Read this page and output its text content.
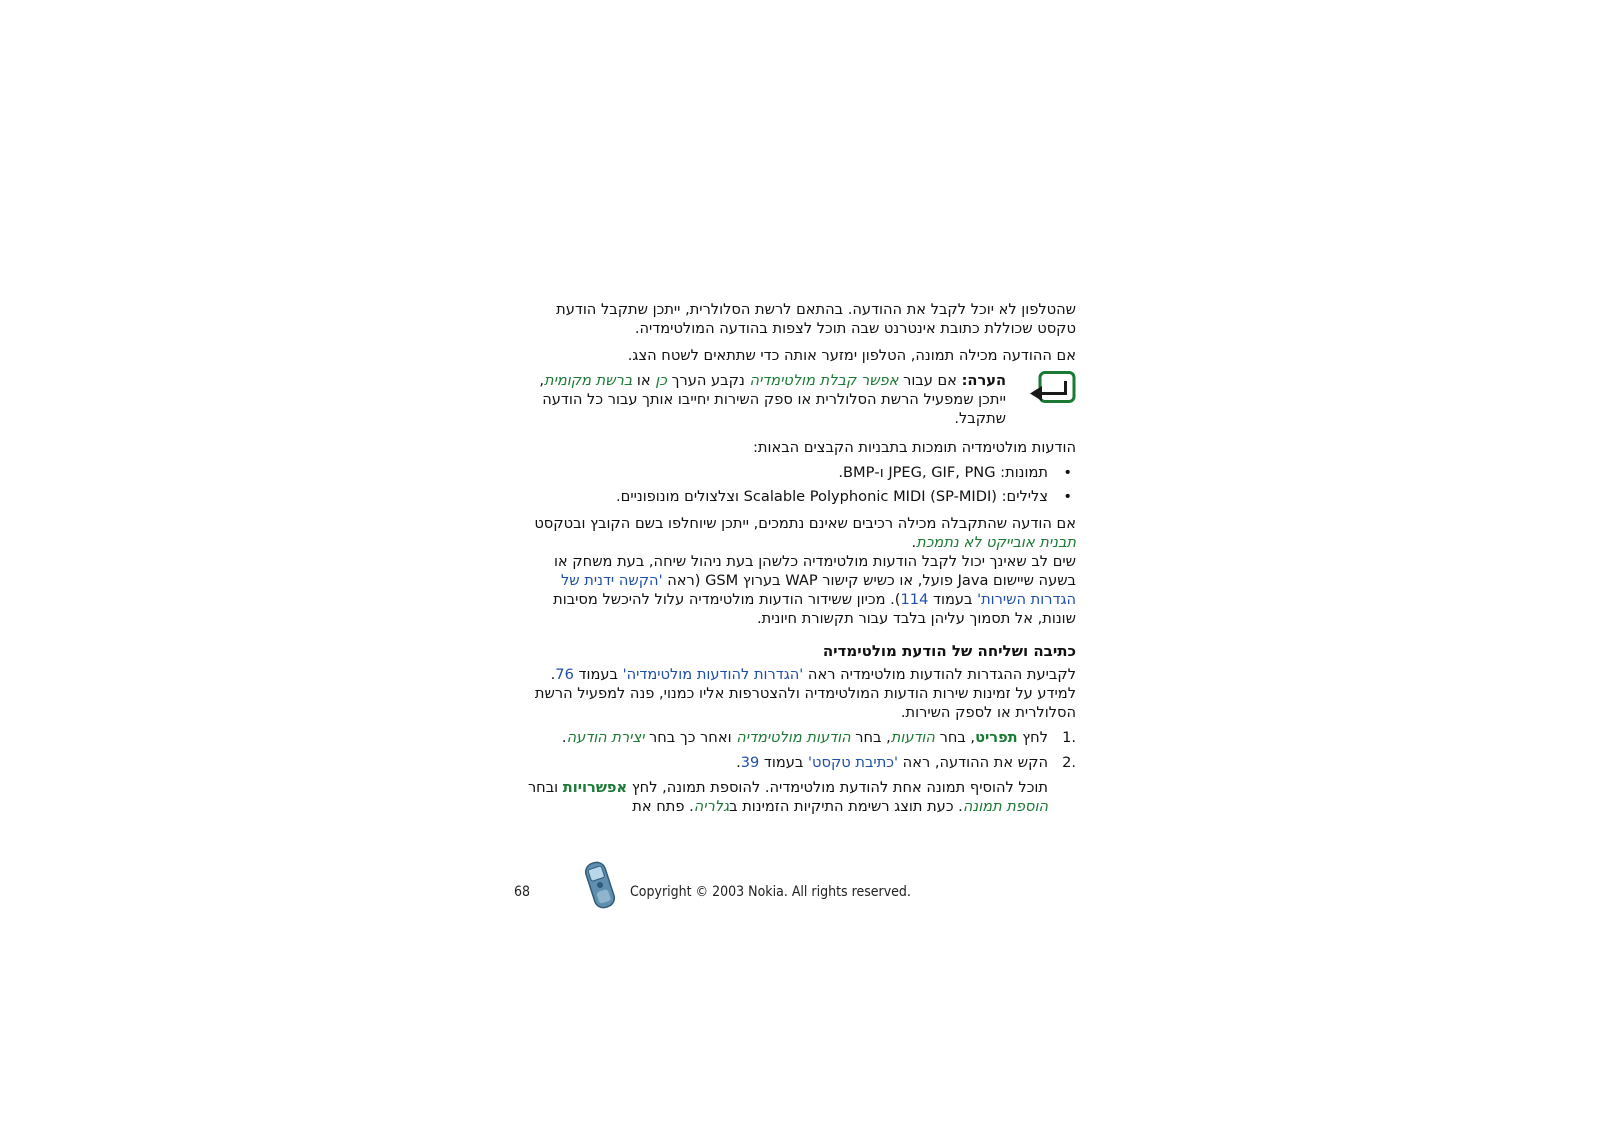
שהטלפון לא יוכל לקבל את ההודעה. בהתאם לרשת הסלולרית, ייתכן שתקבל הודעת טקסט שכוללת כתובת אינטרנט שבה תוכל לצפות בהודעה המולטימדיה.

אם ההודעה מכילה תמונה, הטלפון ימזער אותה כדי שתתאים לשטח הצג.

הערה: אם עבור אפשר קבלת מולטימדיה נקבע הערך כן או ברשת מקומית, ייתכן שמפעיל הרשת הסלולרית או ספק השירות יחייבו אותך עבור כל הודעה שתקבל.

הודעות מולטימדיה תומכות בתבניות הקבצים הבאות:

• תמונות: JPEG, GIF, PNG ו-BMP.
• צלילים: Scalable Polyphonic MIDI (SP-MIDI) וצלצולים מונופוניים.

אם הודעה שהתקבלה מכילה רכיבים שאינם נתמכים, ייתכן שיוחלפו בשם הקובץ ובטקסט תבנית אובייקט לא נתמכת.

שים לב שאינך יכול לקבל הודעות מולטימדיה כלשהן בעת ניהול שיחה, בעת משחק או בשעה שיישום Java פועל, או כשיש קישור WAP בערוץ GSM (ראה 'הקשה ידנית של הגדרות השירות' בעמוד 114). מכיון ששידור הודעות מולטימדיה עלול להיכשל מסיבות שונות, אל תסמוך עליהן בלבד עבור תקשורת חיונית.

כתיבה ושליחה של הודעת מולטימדיה

לקביעת ההגדרות להודעות מולטימדיה ראה 'הגדרות להודעות מולטימדיה' בעמוד 76. למידע על זמינות שירות הודעות המולטימדיה ולהצטרפות אליו כמנוי, פנה למפעיל הרשת הסלולרית או לספק השירות.

.1
לחץ תפריט, בחר הודעות, בחר הודעות מולטימדיה ואחר כך בחר יצירת הודעה.
.2
הקש את ההודעה, ראה 'כתיבת טקסט' בעמוד 39.

תוכל להוסיף תמונה אחת להודעת מולטימדיה. להוספת תמונה, לחץ אפשרויות ובחר הוספת תמונה. כעת תוצג רשימת התיקיות הזמינות בגלריה. פתח את

68	Copyright © 2003 Nokia. All rights reserved.
